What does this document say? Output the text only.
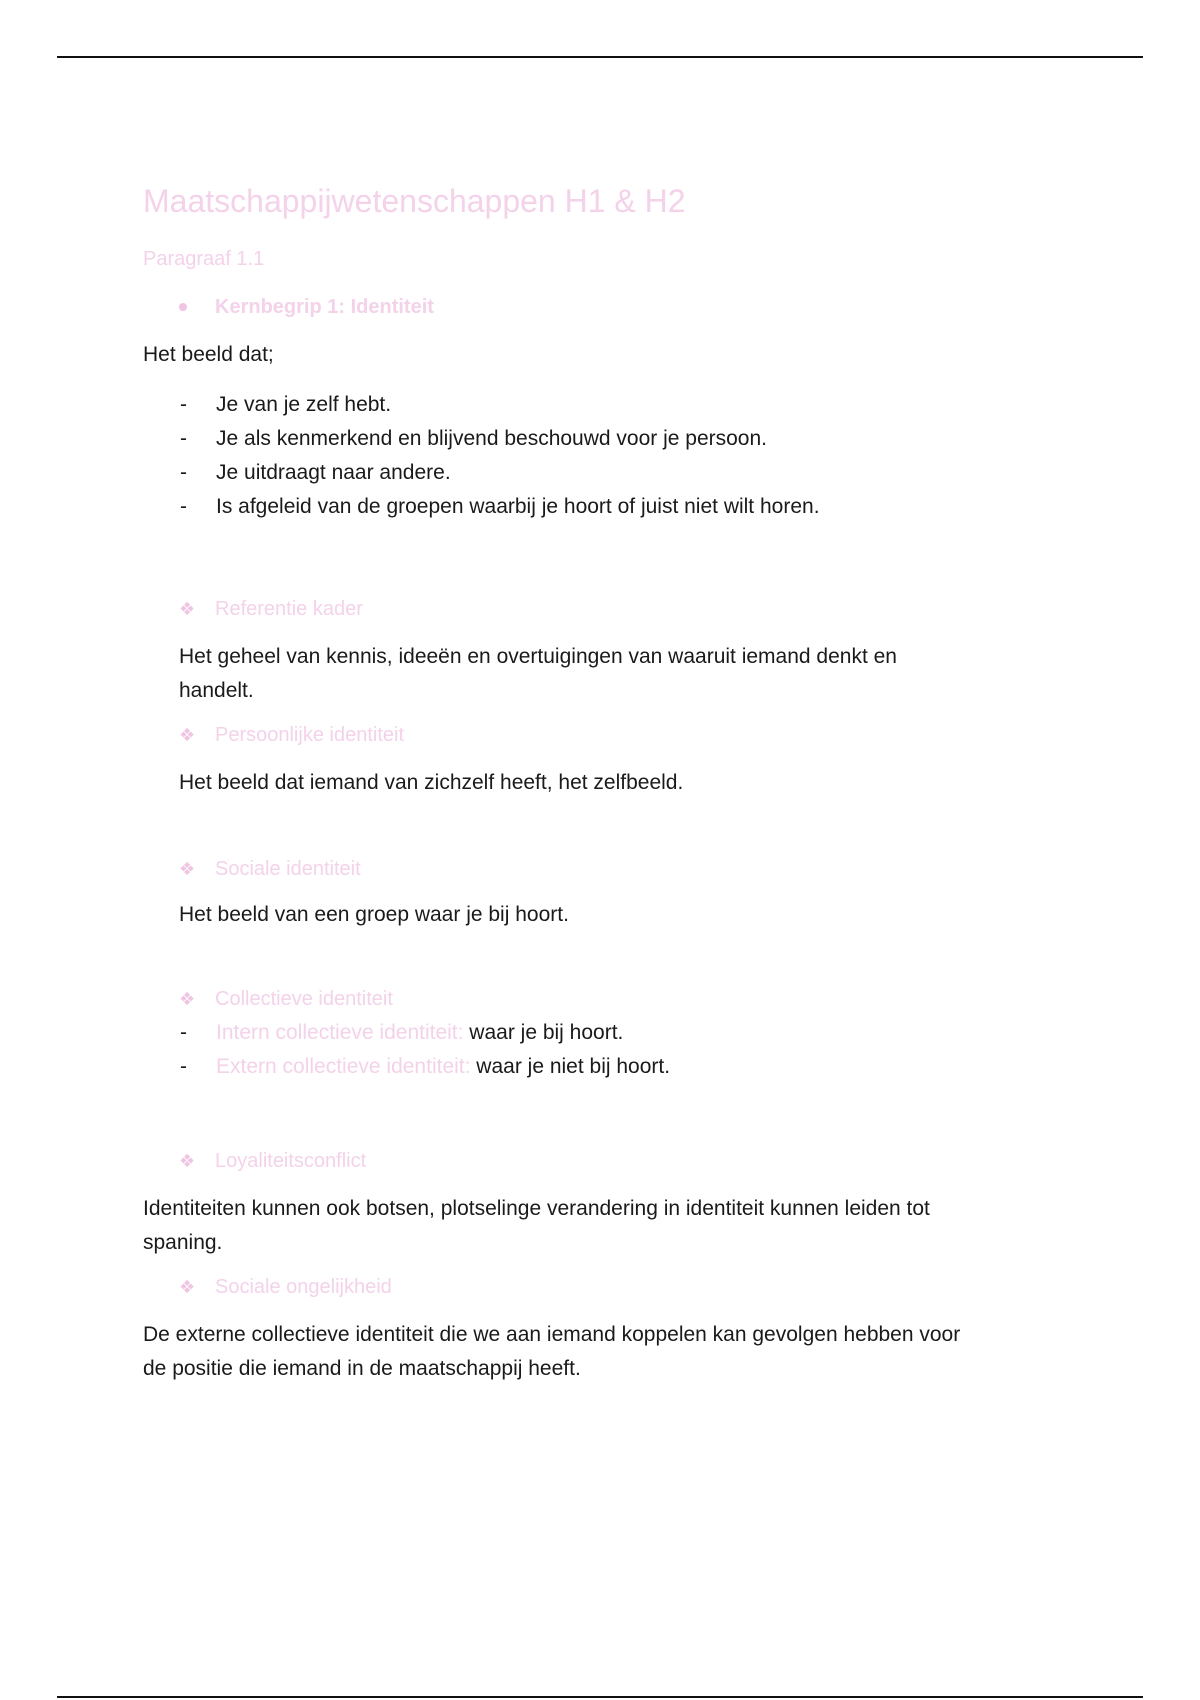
Maatschappijwetenschappen H1 & H2
Paragraaf 1.1
Kernbegrip 1: Identiteit

Het beeld dat;

-	Je van je zelf hebt.
-	Je als kenmerkend en blijvend beschouwd voor je persoon.
-	Je uitdraagt naar andere.
-	Is afgeleid van de groepen waarbij je hoort of juist niet wilt horen.
❖ Referentie kader

Het geheel van kennis, ideeën en overtuigingen van waaruit iemand denkt en

handelt.

❖ Persoonlijke identiteit

Het beeld dat iemand van zichzelf heeft, het zelfbeeld.

❖ Sociale identiteit

Het beeld van een groep waar je bij hoort.

❖ Collectieve identiteit
-	Intern collectieve identiteit: waar je bij hoort.
-	Extern collectieve identiteit: waar je niet bij hoort.
❖ Loyaliteitsconflict

Identiteiten kunnen ook botsen, plotselinge verandering in identiteit kunnen leiden tot

spaning.

❖ Sociale ongelijkheid

De externe collectieve identiteit die we aan iemand koppelen kan gevolgen hebben voor

de positie die iemand in de maatschappij heeft.
